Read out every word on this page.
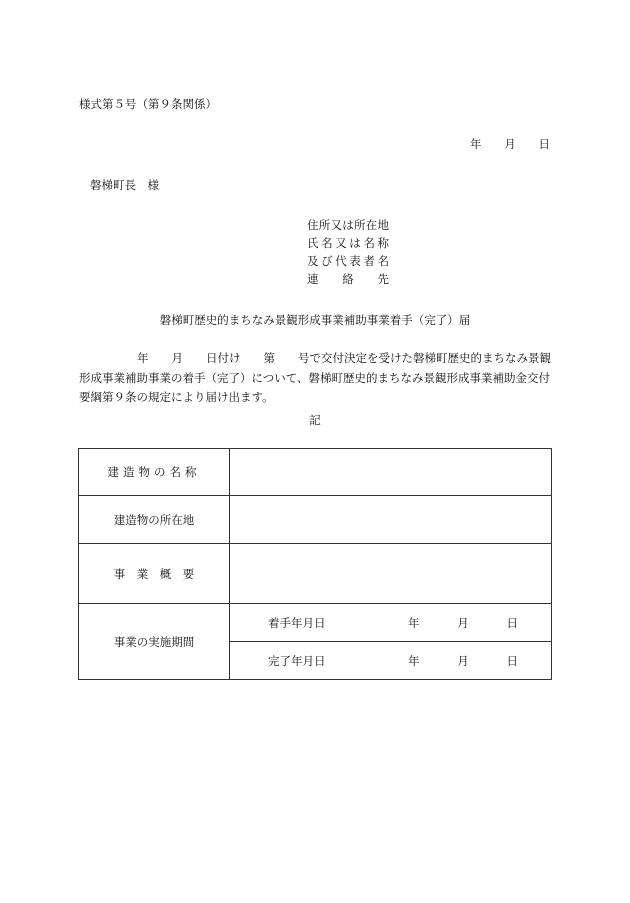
様式第５号（第９条関係）
年 月 日
磐梯町長　様
住 所 又 は 所 在 地
氏 名 又 は 名 称
及 び 代 表 者 名
連 絡 先
磐梯町歴史的まちなみ景観形成事業補助事業着手（完了）届
年　　月　　日付け　　第　　号で交付決定を受けた磐梯町歴史的まちなみ景観形成事業補助事業の着手（完了）について、磐梯町歴史的まちなみ景観形成事業補助金交付要綱第９条の規定により届け出ます。
記
建造物の名称	
建造物の所在地	
事　業　概　要	
事業の実施期間	着手年月日 年 月 日

	完了年月日 年 月 日
